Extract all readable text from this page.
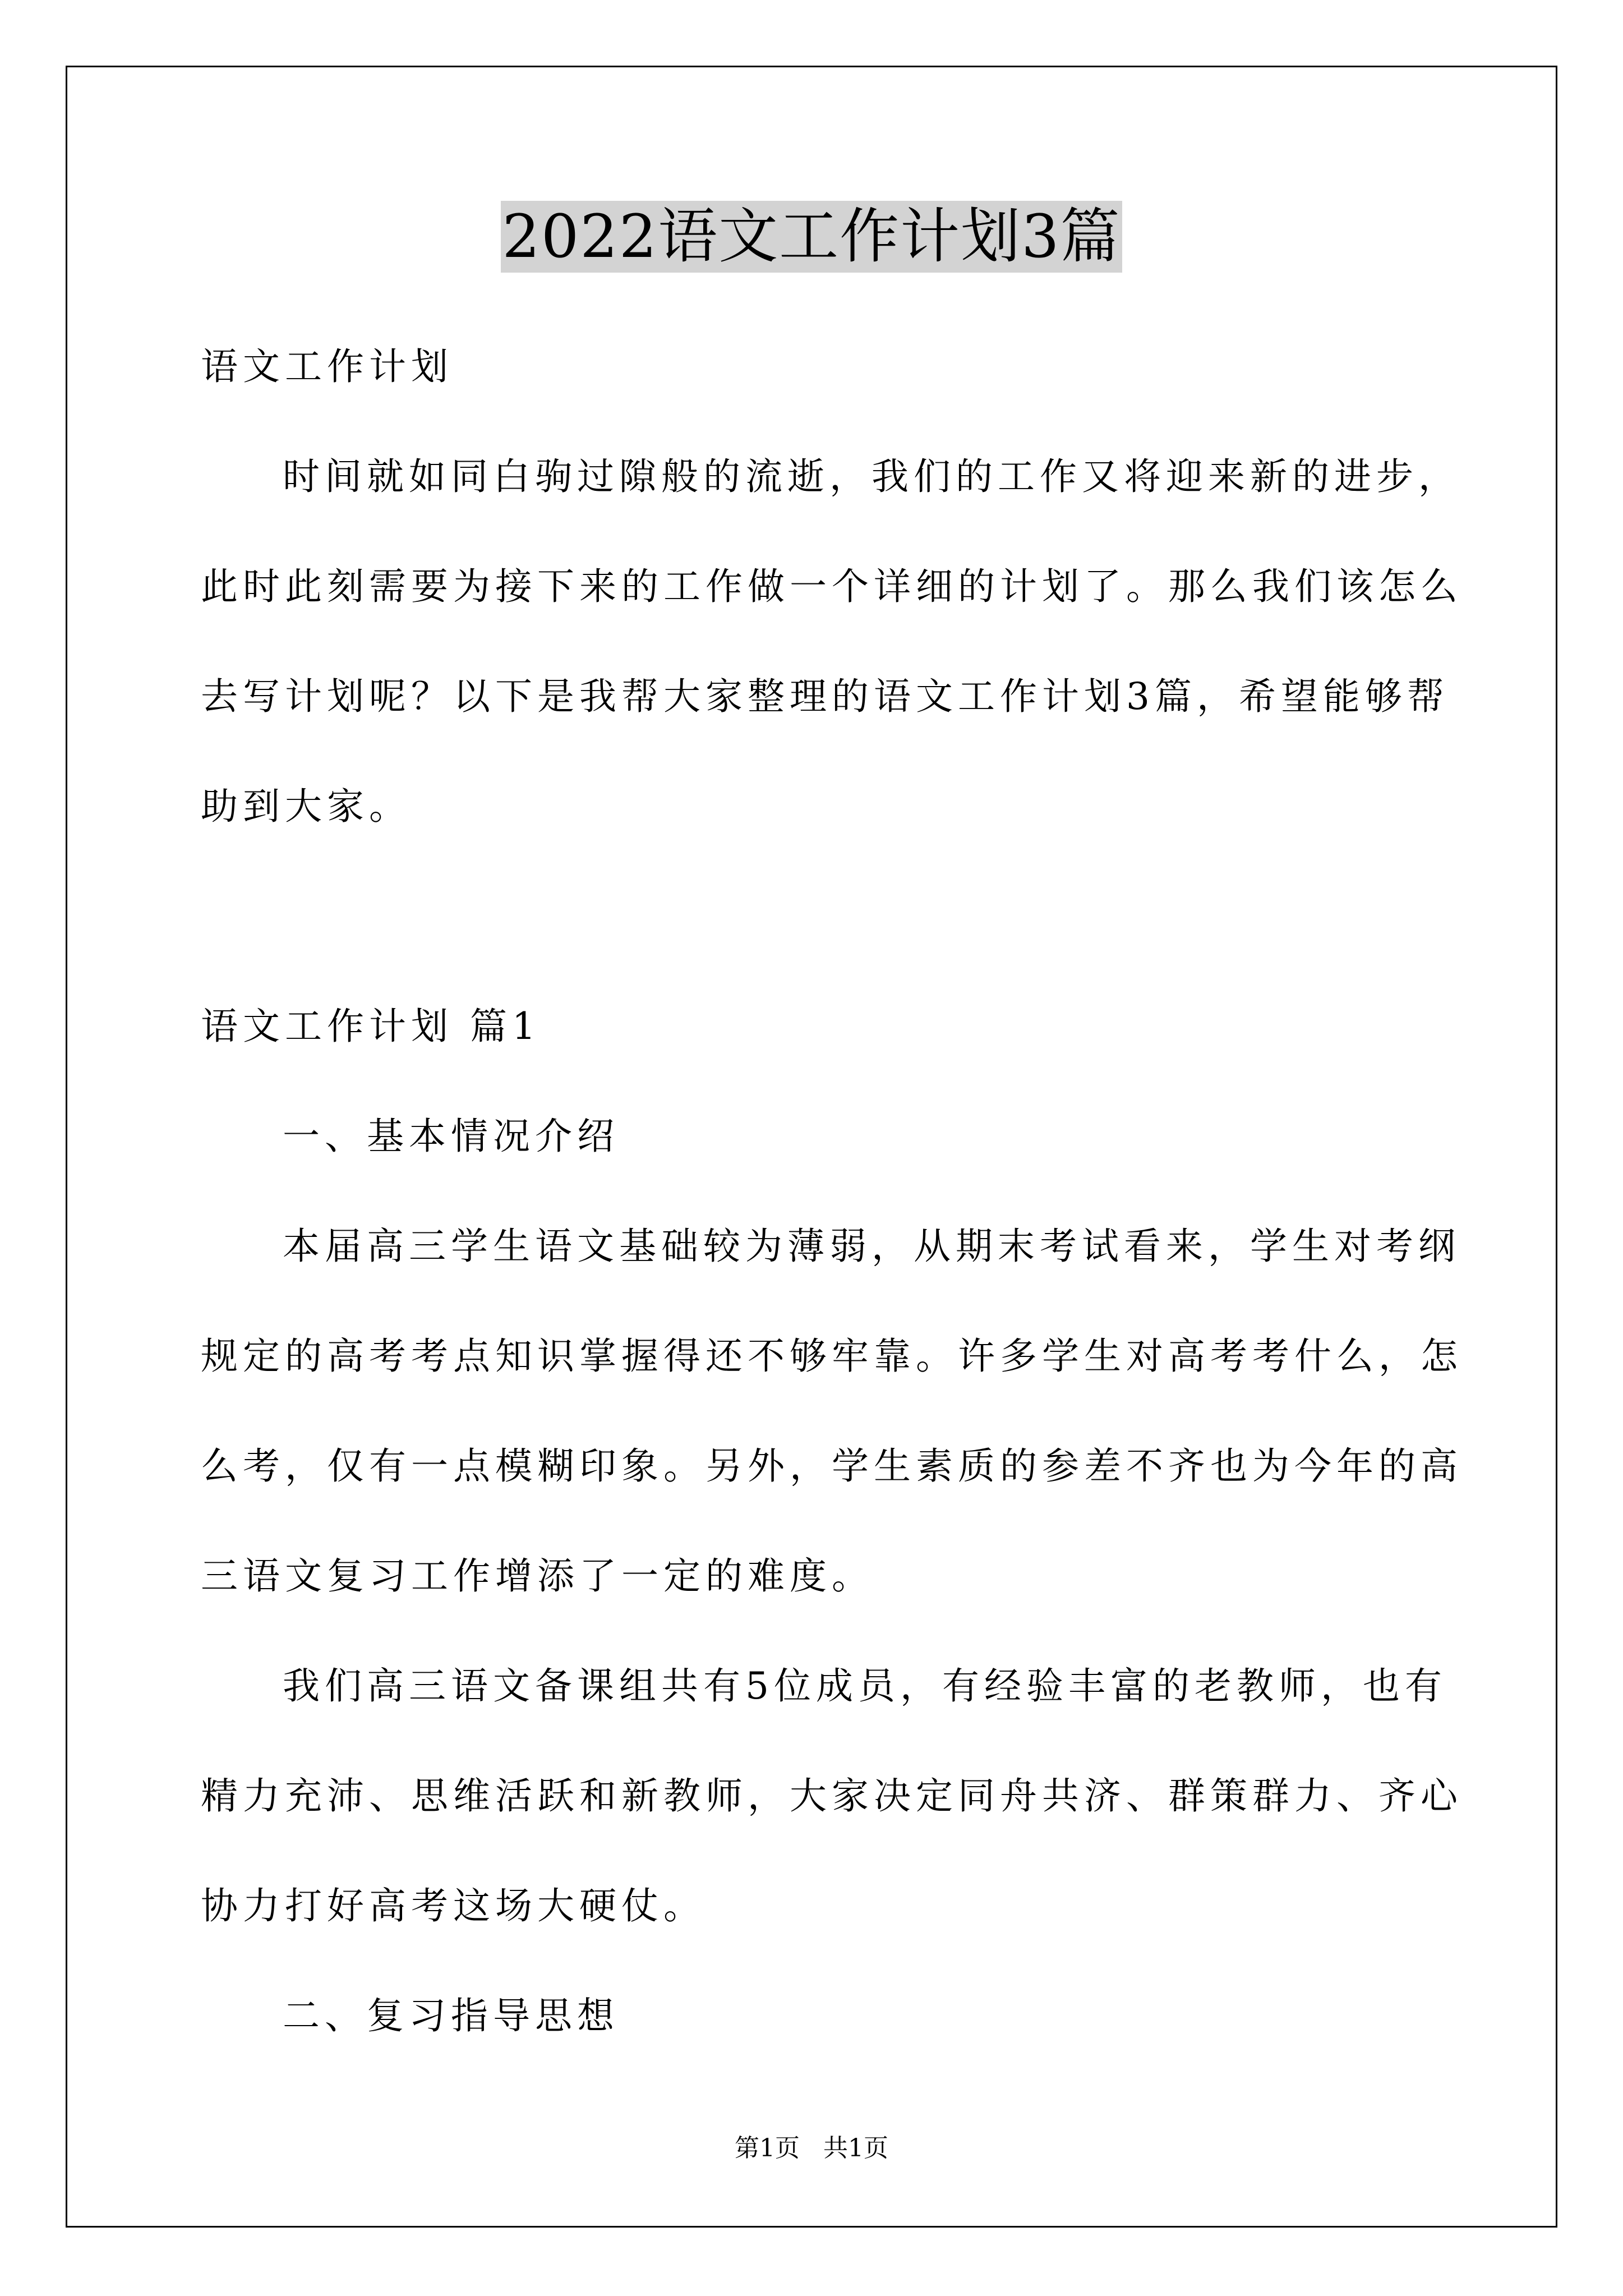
2022语文工作计划3篇
语文工作计划
时间就如同白驹过隙般的流逝，我们的工作又将迎来新的进步，
此时此刻需要为接下来的工作做一个详细的计划了。那么我们该怎么
去写计划呢？以下是我帮大家整理的语文工作计划3篇，希望能够帮
助到大家。
语文工作计划 篇1
一、基本情况介绍
本届高三学生语文基础较为薄弱，从期末考试看来，学生对考纲
规定的高考考点知识掌握得还不够牢靠。许多学生对高考考什么，怎
么考，仅有一点模糊印象。另外，学生素质的参差不齐也为今年的高
三语文复习工作增添了一定的难度。
我们高三语文备课组共有5位成员，有经验丰富的老教师，也有
精力充沛、思维活跃和新教师，大家决定同舟共济、群策群力、齐心
协力打好高考这场大硬仗。
二、复习指导思想
第1页   共1页
